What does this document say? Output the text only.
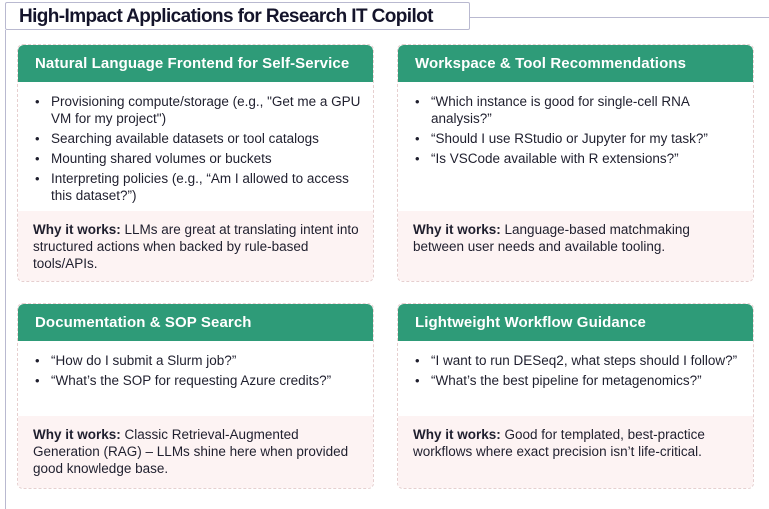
High-Impact Applications for Research IT Copilot
Natural Language Frontend for Self-Service
• Provisioning compute/storage (e.g., "Get me a GPU VM for my project")
• Searching available datasets or tool catalogs
• Mounting shared volumes or buckets
• Interpreting policies (e.g., “Am I allowed to access this dataset?”)
Why it works: LLMs are great at translating intent into structured actions when backed by rule-based tools/APIs.
Workspace & Tool Recommendations
• “Which instance is good for single-cell RNA analysis?”
• “Should I use RStudio or Jupyter for my task?”
• “Is VSCode available with R extensions?”
Why it works: Language-based matchmaking between user needs and available tooling.
Documentation & SOP Search
• “How do I submit a Slurm job?”
• “What’s the SOP for requesting Azure credits?”
Why it works: Classic Retrieval-Augmented Generation (RAG) – LLMs shine here when provided good knowledge base.
Lightweight Workflow Guidance
• “I want to run DESeq2, what steps should I follow?”
• “What’s the best pipeline for metagenomics?”
Why it works: Good for templated, best-practice workflows where exact precision isn’t life-critical.
